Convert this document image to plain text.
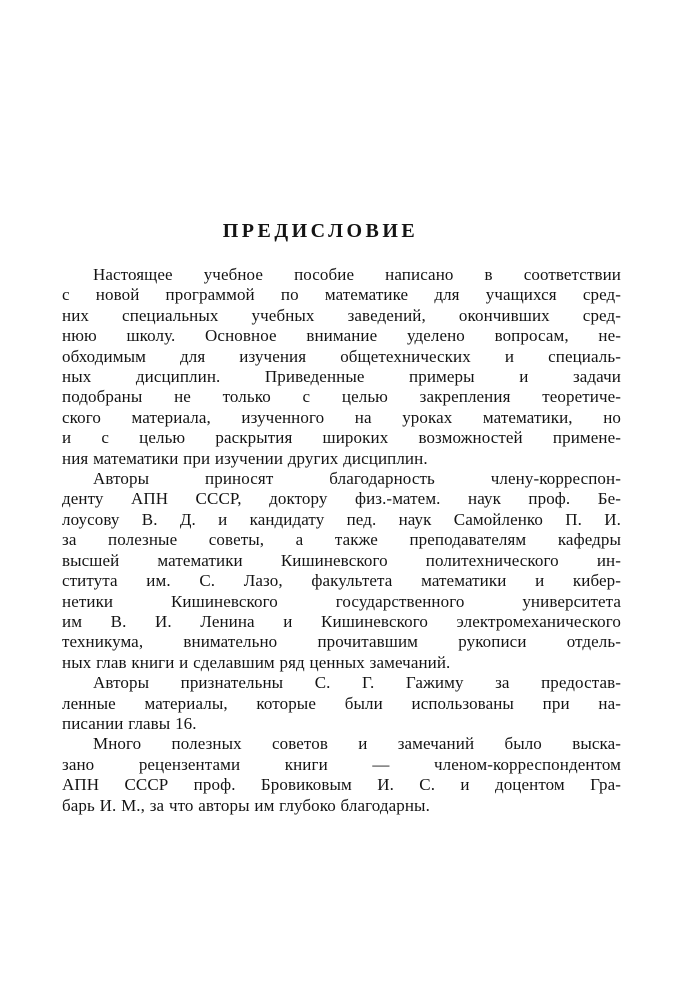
ПРЕДИСЛОВИЕ

Настоящее учебное пособие написано в соответствии
с новой программой по математике для учащихся сред-
них специальных учебных заведений, окончивших сред-
нюю школу. Основное внимание уделено вопросам, не-
обходимым для изучения общетехнических и специаль-
ных дисциплин. Приведенные примеры и задачи
подобраны не только с целью закрепления теоретиче-
ского материала, изученного на уроках математики, но
и с целью раскрытия широких возможностей примене-
ния математики при изучении других дисциплин.

Авторы приносят благодарность члену-корреспон-
денту АПН СССР, доктору физ.-матем. наук проф. Бе-
лоусову В. Д. и кандидату пед. наук Самойленко П. И.
за полезные советы, а также преподавателям кафедры
высшей математики Кишиневского политехнического ин-
ститута им. С. Лазо, факультета математики и кибер-
нетики Кишиневского государственного университета
им В. И. Ленина и Кишиневского электромеханического
техникума, внимательно прочитавшим рукописи отдель-
ных глав книги и сделавшим ряд ценных замечаний.

Авторы признательны С. Г. Гажиму за предостав-
ленные материалы, которые были использованы при на-
писании главы 16.

Много полезных советов и замечаний было выска-
зано рецензентами книги — членом-корреспондентом
АПН СССР проф. Бровиковым И. С. и доцентом Гра-
барь И. М., за что авторы им глубоко благодарны.
